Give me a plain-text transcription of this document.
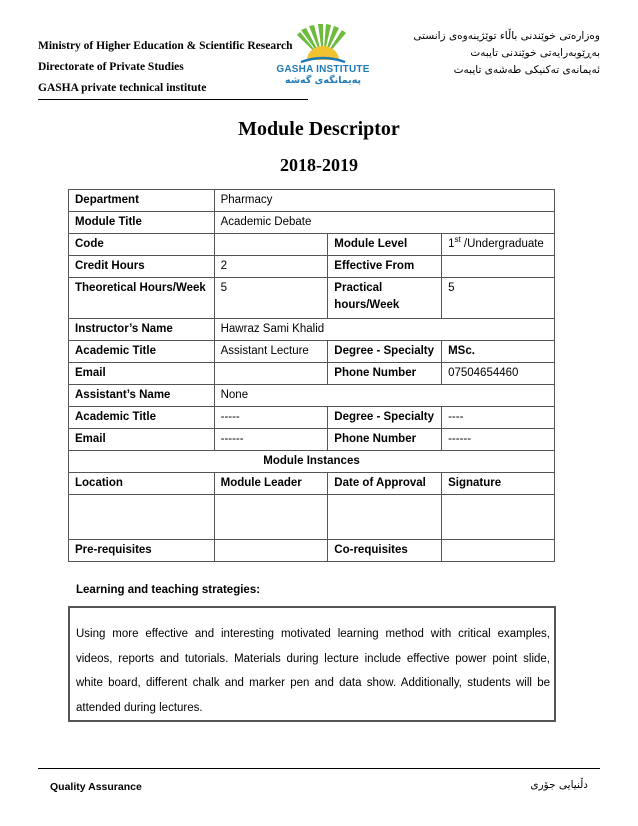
Ministry of Higher Education & Scientific Research
Directorate of Private Studies
GASHA private technical institute
GASHA INSTITUTE
پەیمانگەی گەشە
وەزارەتی خوێندنی باڵاء توێژینەوەی زانستی
بەڕێوبەرایەتی خوێندنی تایبەت
ئەیمانەی تەکنیکی طەشەی تایبەت
Module Descriptor
2018-2019
Department	Pharmacy		
Module Title	Academic Debate		
Code		Module Level	1st /Undergraduate
Credit Hours	2	Effective From	
Theoretical Hours/Week	5	Practical hours/Week	5
Instructor’s Name	Hawraz Sami Khalid		
Academic Title	Assistant Lecture	Degree - Specialty	MSc.
Email		Phone Number	07504654460
Assistant’s Name	None		
Academic Title	-----	Degree - Specialty	----
Email	------	Phone Number	------
Module Instances			
Location	Module Leader	Date of Approval	Signature

Pre-requisites		Co-requisites	
Learning and teaching strategies:
Using more effective and interesting motivated learning method with critical examples, videos, reports and tutorials. Materials during lecture include effective power point slide, white board, different chalk and marker pen and data show. Additionally, students will be attended during lectures.
Quality Assurance	دڵنیایی جۆری
